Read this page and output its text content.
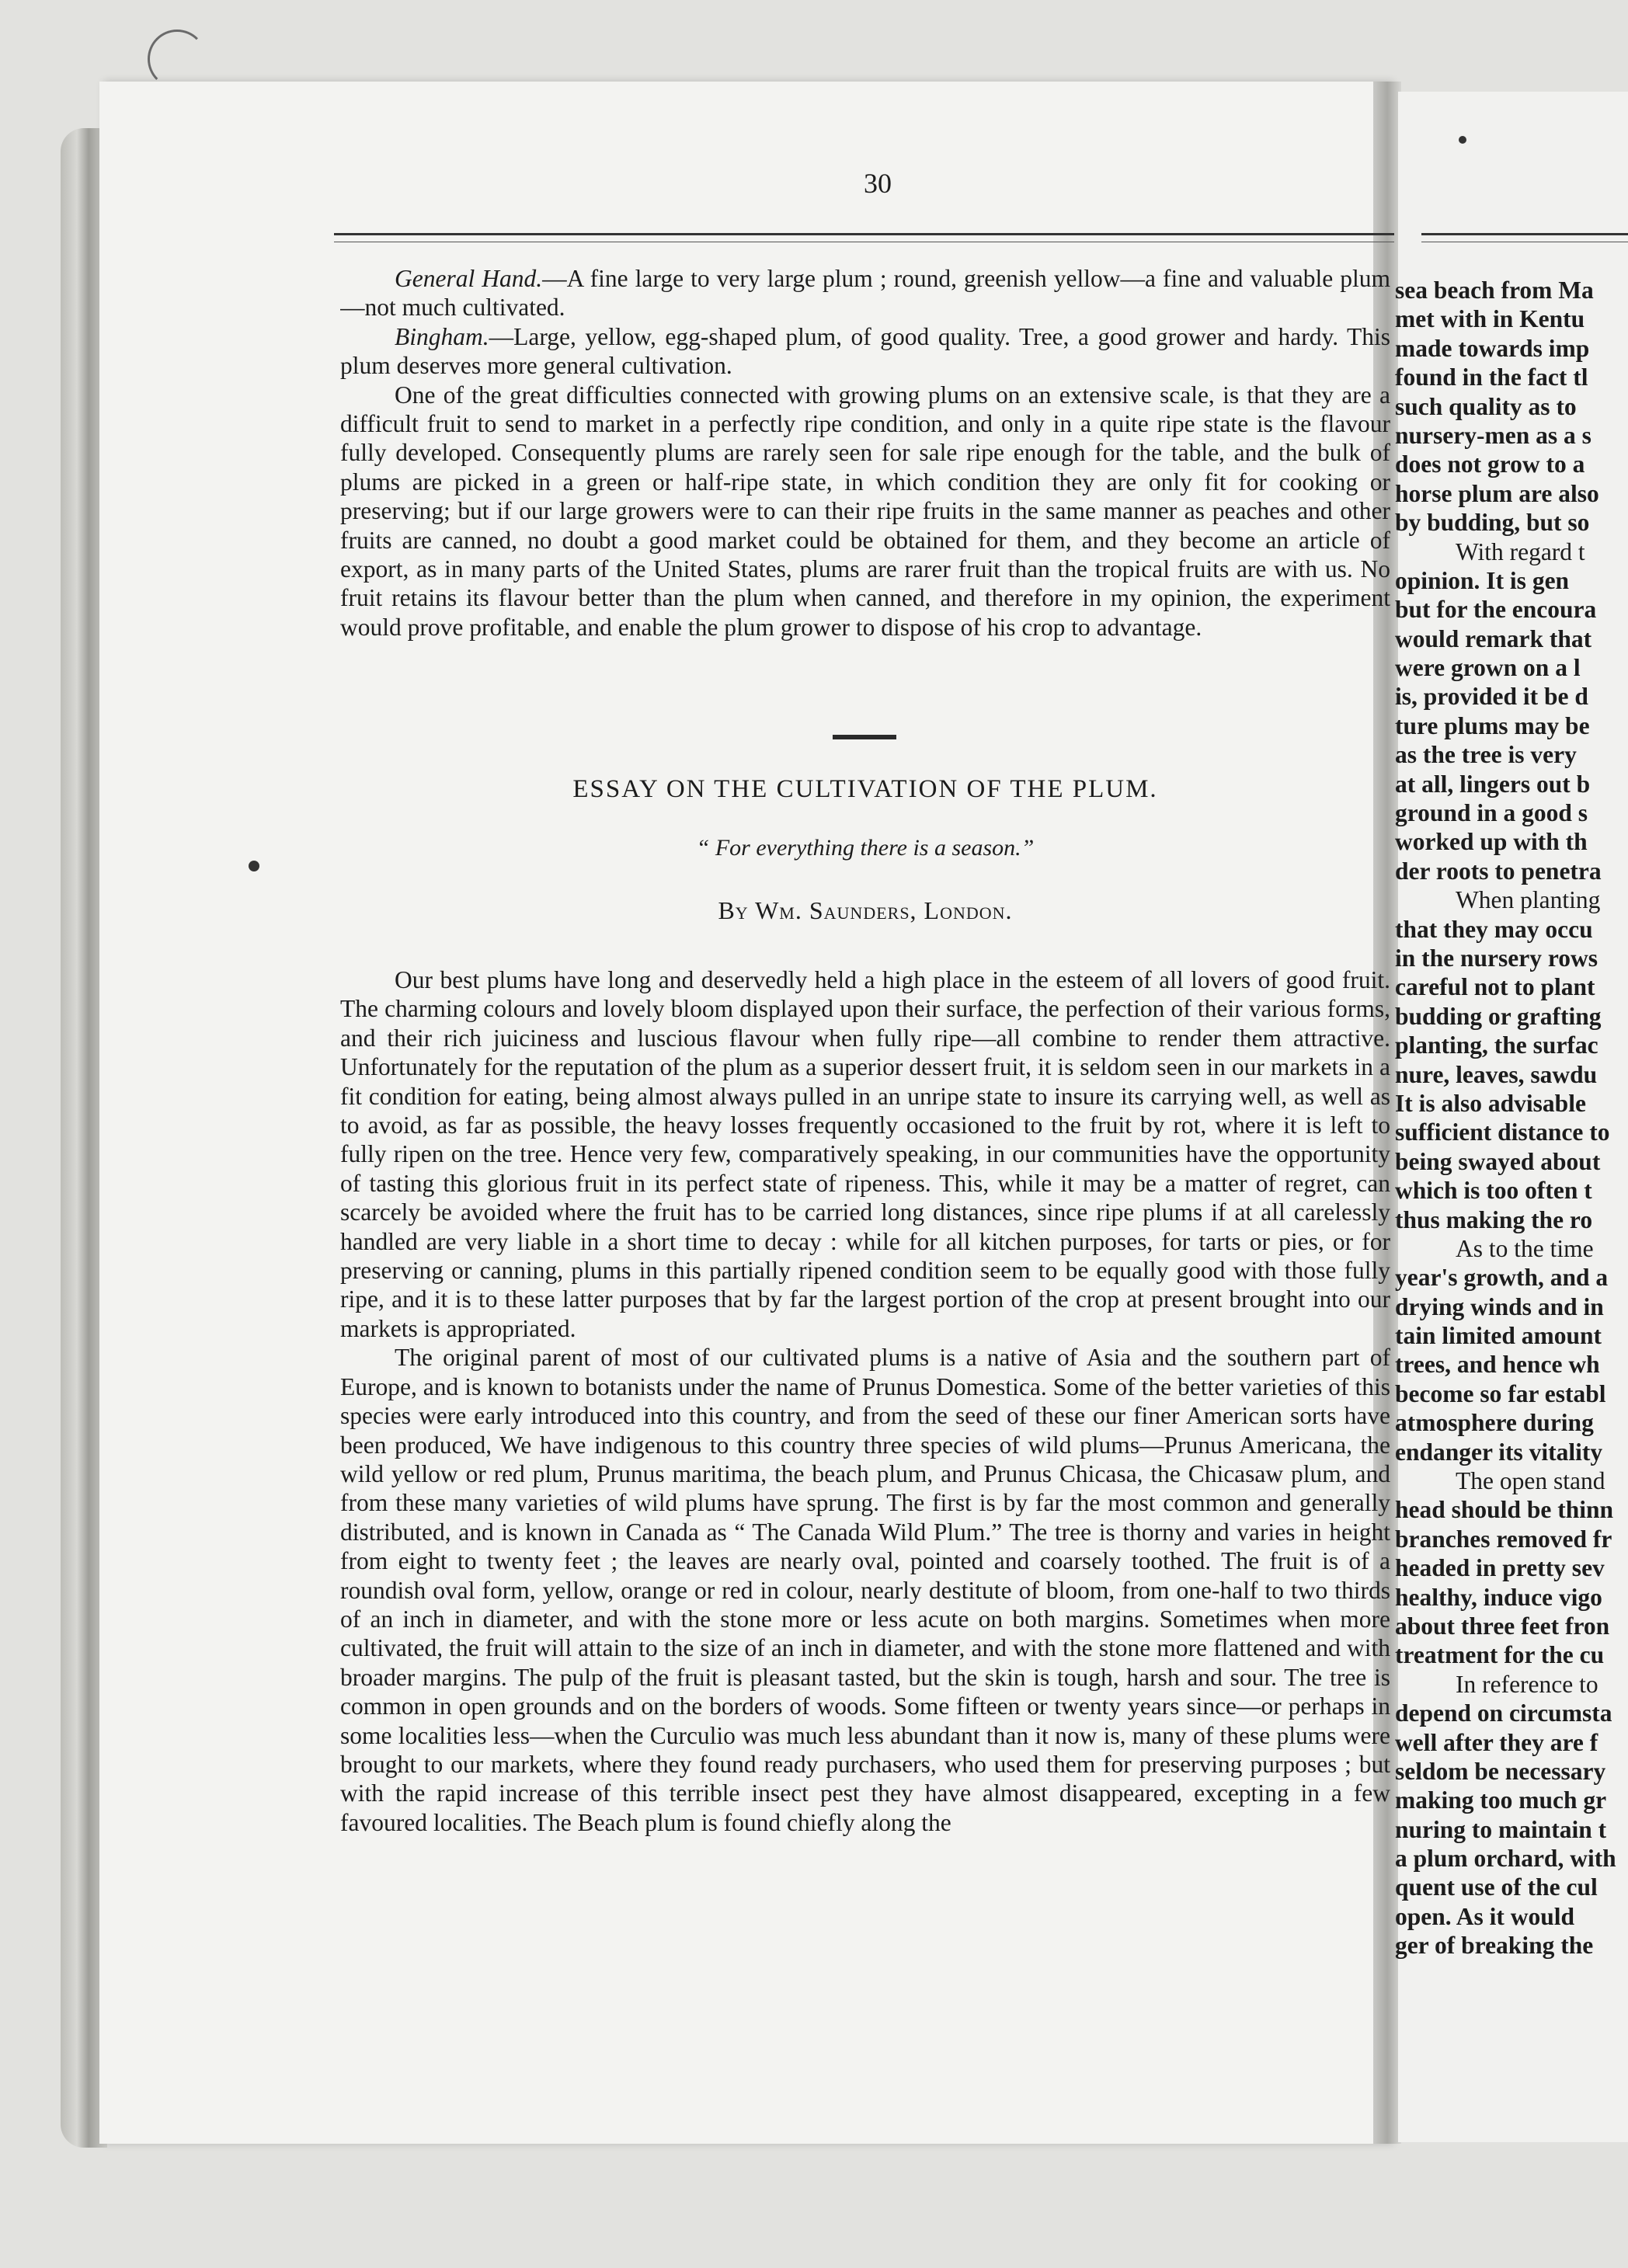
30

General Hand.—A fine large to very large plum ; round, greenish yellow—a fine and valuable plum—not much cultivated.

Bingham.—Large, yellow, egg-shaped plum, of good quality. Tree, a good grower and hardy. This plum deserves more general cultivation.

One of the great difficulties connected with growing plums on an extensive scale, is that they are a difficult fruit to send to market in a perfectly ripe condition, and only in a quite ripe state is the flavour fully developed. Consequently plums are rarely seen for sale ripe enough for the table, and the bulk of plums are picked in a green or half-ripe state, in which condition they are only fit for cooking or preserving; but if our large growers were to can their ripe fruits in the same manner as peaches and other fruits are canned, no doubt a good market could be obtained for them, and they become an article of export, as in many parts of the United States, plums are rarer fruit than the tropical fruits are with us. No fruit retains its flavour better than the plum when canned, and therefore in my opinion, the experiment would prove profitable, and enable the plum grower to dispose of his crop to advantage.

ESSAY ON THE CULTIVATION OF THE PLUM.
“ For everything there is a season.”
By Wm. Saunders, London.

Our best plums have long and deservedly held a high place in the esteem of all lovers of good fruit. The charming colours and lovely bloom displayed upon their surface, the perfection of their various forms, and their rich juiciness and luscious flavour when fully ripe—all combine to render them attractive. Unfortunately for the reputation of the plum as a superior dessert fruit, it is seldom seen in our markets in a fit condition for eating, being almost always pulled in an unripe state to insure its carrying well, as well as to avoid, as far as possible, the heavy losses frequently occasioned to the fruit by rot, where it is left to fully ripen on the tree. Hence very few, comparatively speaking, in our communities have the opportunity of tasting this glorious fruit in its perfect state of ripeness. This, while it may be a matter of regret, can scarcely be avoided where the fruit has to be carried long distances, since ripe plums if at all carelessly handled are very liable in a short time to decay : while for all kitchen purposes, for tarts or pies, or for preserving or canning, plums in this partially ripened condition seem to be equally good with those fully ripe, and it is to these latter purposes that by far the largest portion of the crop at present brought into our markets is appropriated.

The original parent of most of our cultivated plums is a native of Asia and the southern part of Europe, and is known to botanists under the name of Prunus Domestica. Some of the better varieties of this species were early introduced into this country, and from the seed of these our finer American sorts have been produced, We have indigenous to this country three species of wild plums—Prunus Americana, the wild yellow or red plum, Prunus maritima, the beach plum, and Prunus Chicasa, the Chicasaw plum, and from these many varieties of wild plums have sprung. The first is by far the most common and generally distributed, and is known in Canada as “ The Canada Wild Plum.” The tree is thorny and varies in height from eight to twenty feet ; the leaves are nearly oval, pointed and coarsely toothed. The fruit is of a roundish oval form, yellow, orange or red in colour, nearly destitute of bloom, from one-half to two thirds of an inch in diameter, and with the stone more or less acute on both margins. Sometimes when more cultivated, the fruit will attain to the size of an inch in diameter, and with the stone more flattened and with broader margins. The pulp of the fruit is pleasant tasted, but the skin is tough, harsh and sour. The tree is common in open grounds and on the borders of woods. Some fifteen or twenty years since—or perhaps in some localities less—when the Curculio was much less abundant than it now is, many of these plums were brought to our markets, where they found ready purchasers, who used them for preserving purposes ; but with the rapid increase of this terrible insect pest they have almost disappeared, excepting in a few favoured localities. The Beach plum is found chiefly along the

sea beach from Ma
met with in Kentu
made towards imp
found in the fact tl
such quality as to
nursery-men as a s
does not grow to a
horse plum are also
by budding, but so
With regard t
opinion. It is gen
but for the encoura
would remark that
were grown on a l
is, provided it be d
ture plums may be
as the tree is very
at all, lingers out b
ground in a good s
worked up with th
der roots to penetra
When planting
that they may occu
in the nursery rows
careful not to plant
budding or grafting
planting, the surfac
nure, leaves, sawdu
It is also advisable
sufficient distance to
being swayed about
which is too often t
thus making the ro
As to the time
year's growth, and a
drying winds and in
tain limited amount
trees, and hence wh
become so far establ
atmosphere during
endanger its vitality
The open stand
head should be thinn
branches removed fr
headed in pretty sev
healthy, induce vigo
about three feet fron
treatment for the cu
In reference to
depend on circumsta
well after they are f
seldom be necessary
making too much gr
nuring to maintain t
a plum orchard, with
quent use of the cul
open. As it would
ger of breaking the
